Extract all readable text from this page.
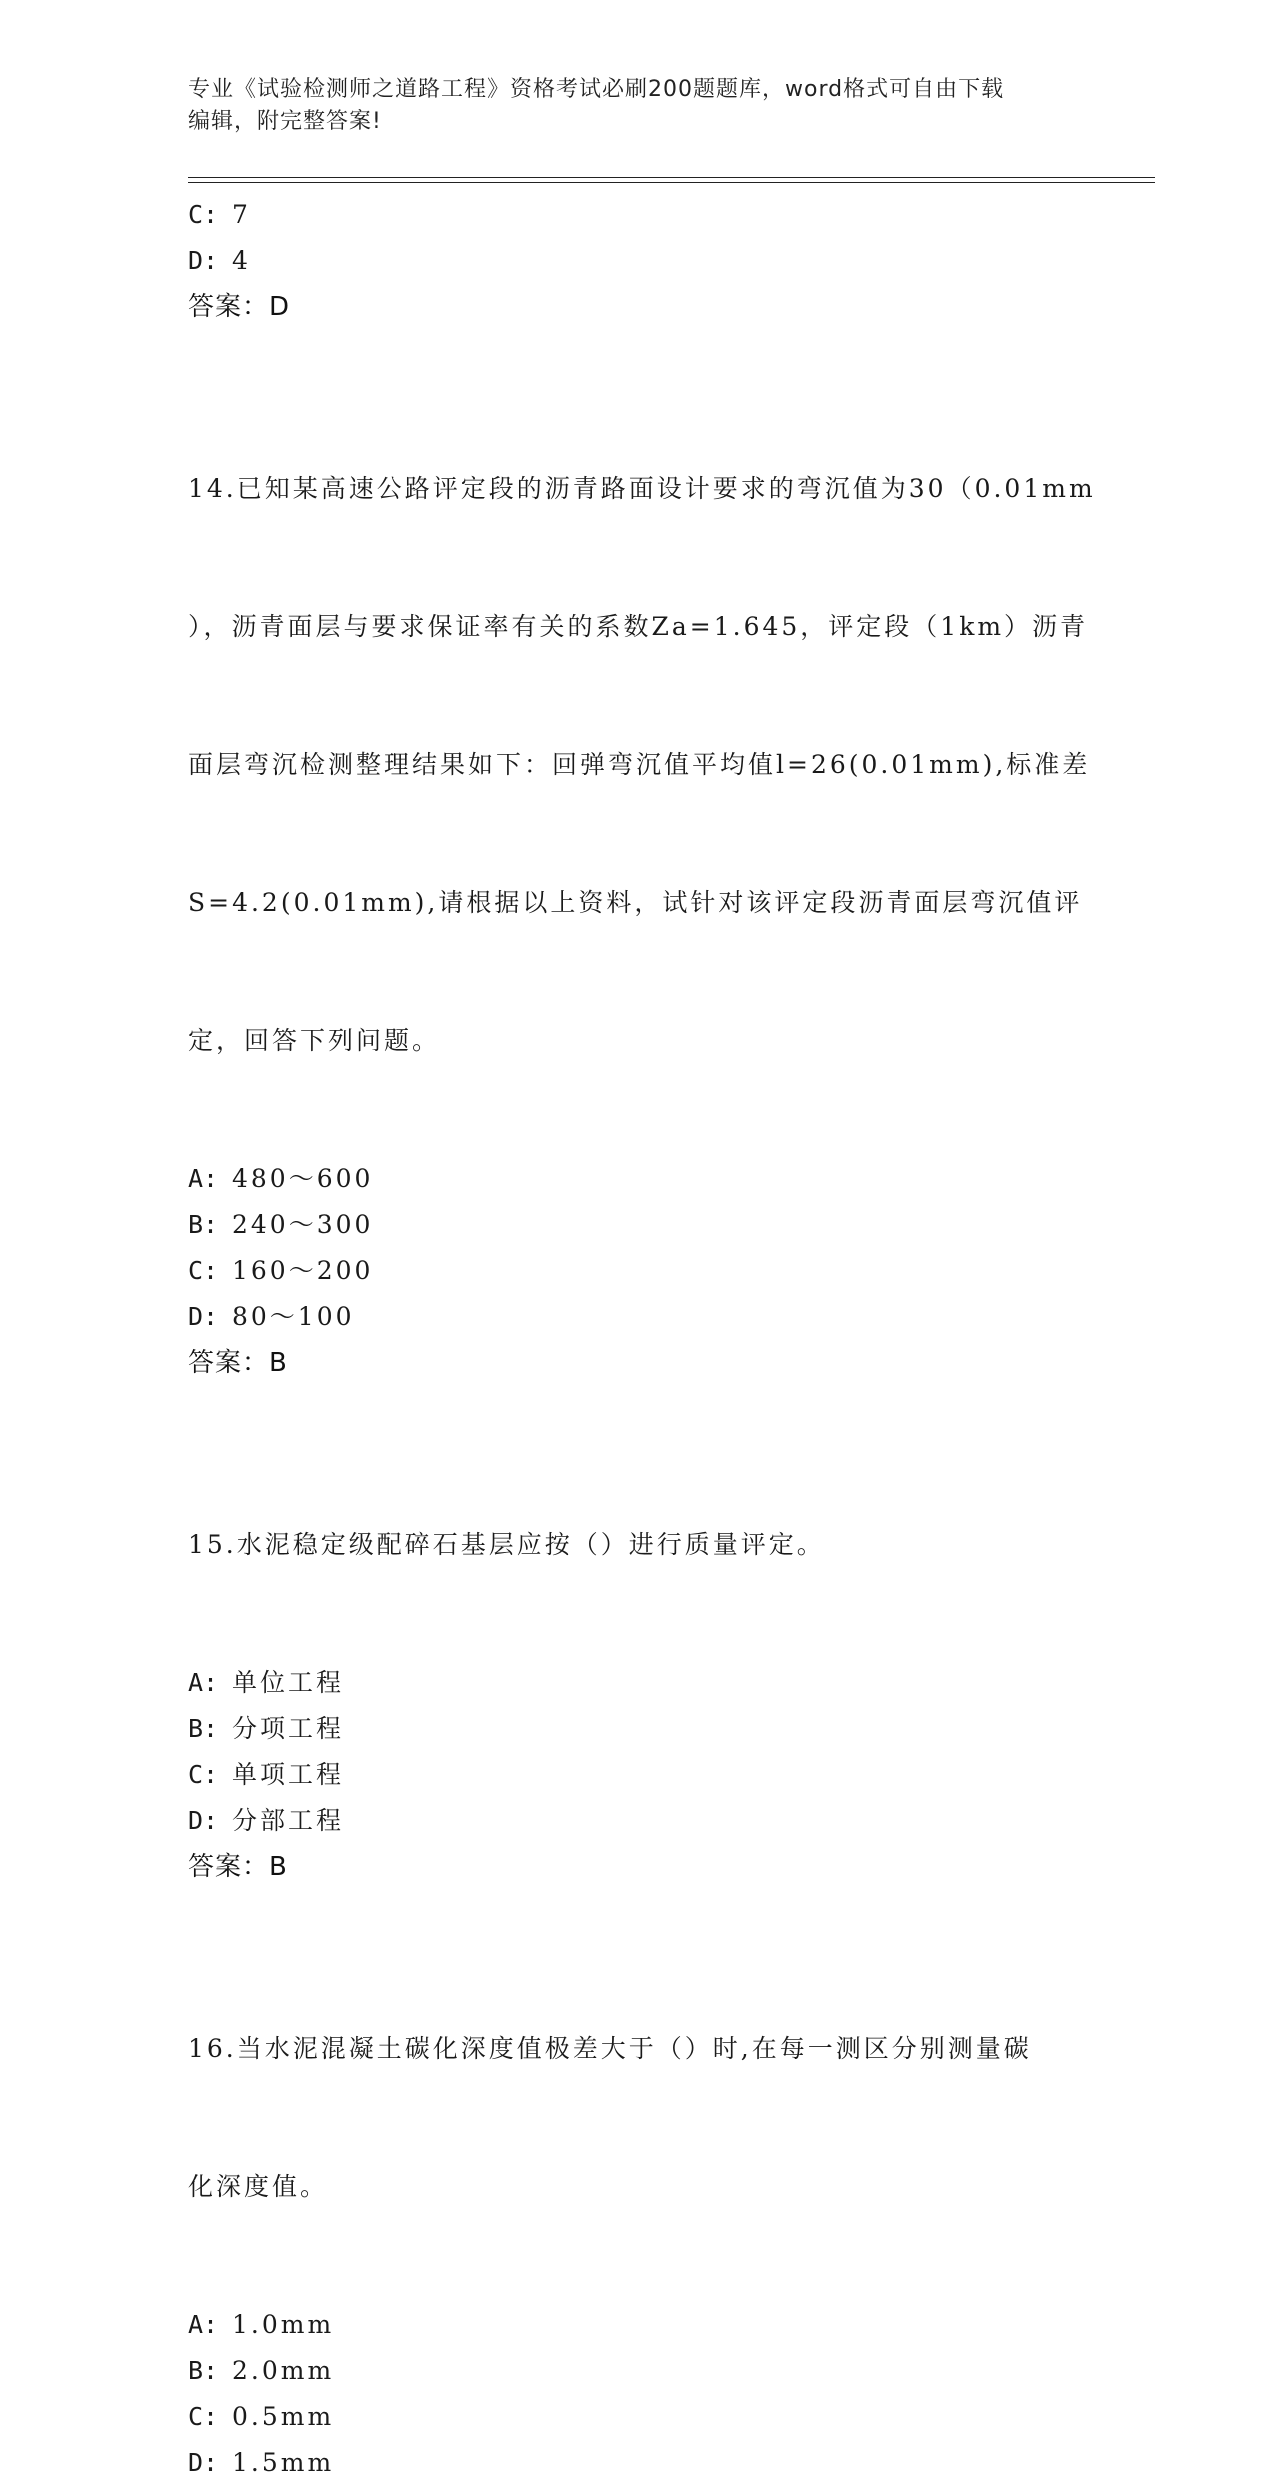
专业《试验检测师之道路工程》资格考试必刷200题题库，word格式可自由下载
编辑，附完整答案!
C: 7
D: 4
答案：D

14.已知某高速公路评定段的沥青路面设计要求的弯沉值为30（0.01mm

），沥青面层与要求保证率有关的系数Za=1.645，评定段（1km）沥青

面层弯沉检测整理结果如下：回弹弯沉值平均值l=26(0.01mm),标准差

S=4.2(0.01mm),请根据以上资料，试针对该评定段沥青面层弯沉值评

定，回答下列问题。

A: 480～600
B: 240～300
C: 160～200
D: 80～100
答案：B

15.水泥稳定级配碎石基层应按（）进行质量评定。

A: 单位工程
B: 分项工程
C: 单项工程
D: 分部工程
答案：B

16.当水泥混凝土碳化深度值极差大于（）时,在每一测区分别测量碳

化深度值。

A: 1.0mm
B: 2.0mm
C: 0.5mm
D: 1.5mm
